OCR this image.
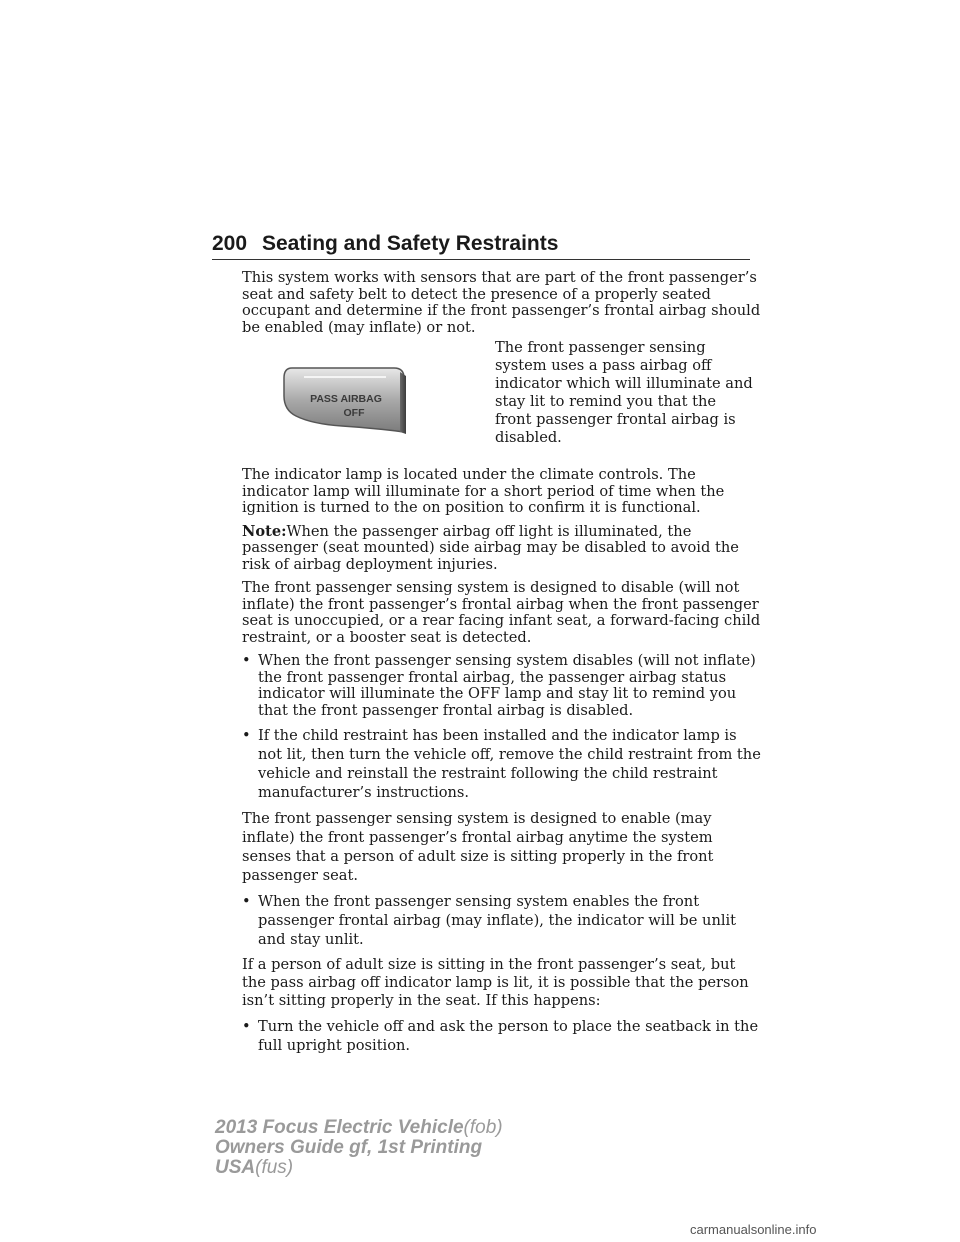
200 Seating and Safety Restraints

This system works with sensors that are part of the front passenger’s seat and safety belt to detect the presence of a properly seated occupant and determine if the front passenger’s frontal airbag should be enabled (may inflate) or not.

The front passenger sensing system uses a pass airbag off indicator which will illuminate and stay lit to remind you that the front passenger frontal airbag is disabled.
PASS AIRBAG
OFF

The indicator lamp is located under the climate controls. The indicator lamp will illuminate for a short period of time when the ignition is turned to the on position to confirm it is functional.

Note:When the passenger airbag off light is illuminated, the passenger (seat mounted) side airbag may be disabled to avoid the risk of airbag deployment injuries.

The front passenger sensing system is designed to disable (will not inflate) the front passenger’s frontal airbag when the front passenger seat is unoccupied, or a rear facing infant seat, a forward-facing child restraint, or a booster seat is detected.

• When the front passenger sensing system disables (will not inflate) the front passenger frontal airbag, the passenger airbag status indicator will illuminate the OFF lamp and stay lit to remind you that the front passenger frontal airbag is disabled.
• If the child restraint has been installed and the indicator lamp is not lit, then turn the vehicle off, remove the child restraint from the vehicle and reinstall the restraint following the child restraint manufacturer’s instructions.

The front passenger sensing system is designed to enable (may inflate) the front passenger’s frontal airbag anytime the system senses that a person of adult size is sitting properly in the front passenger seat.

• When the front passenger sensing system enables the front passenger frontal airbag (may inflate), the indicator will be unlit and stay unlit.

If a person of adult size is sitting in the front passenger’s seat, but the pass airbag off indicator lamp is lit, it is possible that the person isn’t sitting properly in the seat. If this happens:

• Turn the vehicle off and ask the person to place the seatback in the full upright position.
2013 Focus Electric Vehicle(fob)
Owners Guide gf, 1st Printing
USA(fus)
carmanualsonline.info
